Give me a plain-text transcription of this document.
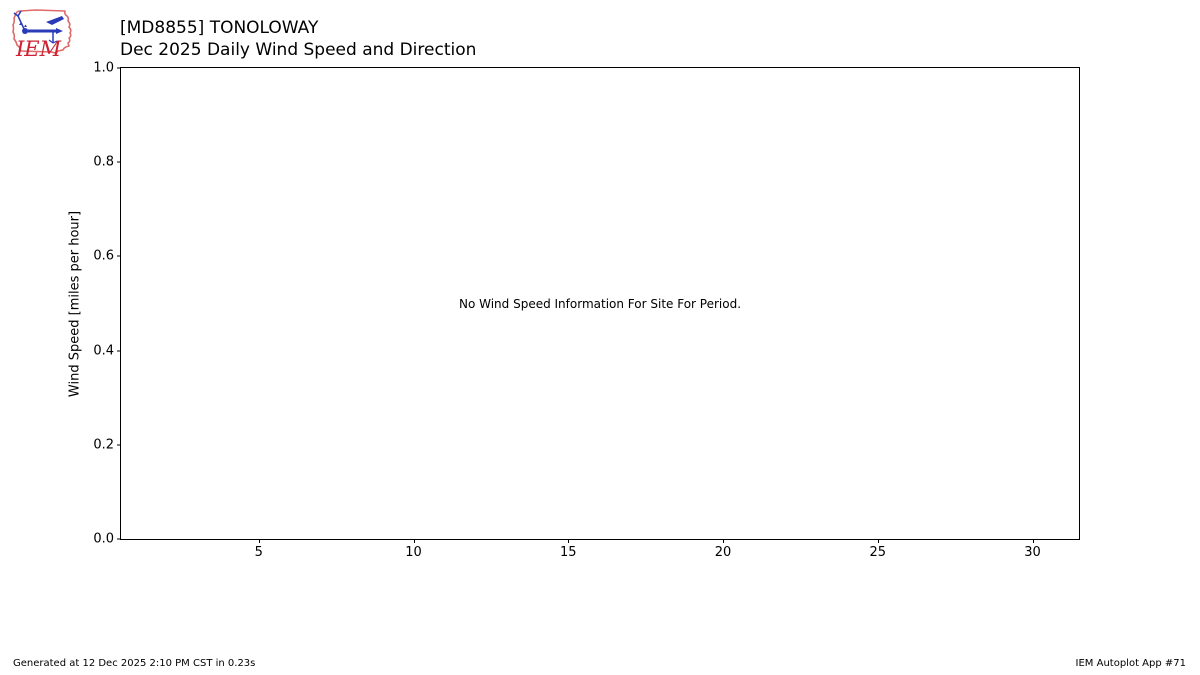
IEM
[MD8855] TONOLOWAY
Dec 2025 Daily Wind Speed and Direction
Wind Speed [miles per hour]	No Wind Speed Information For Site For Period.
5	10	15	20	25	30
0.0
0.2
0.4
0.6
0.8
1.0
Generated at 12 Dec 2025 2:10 PM CST in 0.23s	IEM Autoplot App #71
